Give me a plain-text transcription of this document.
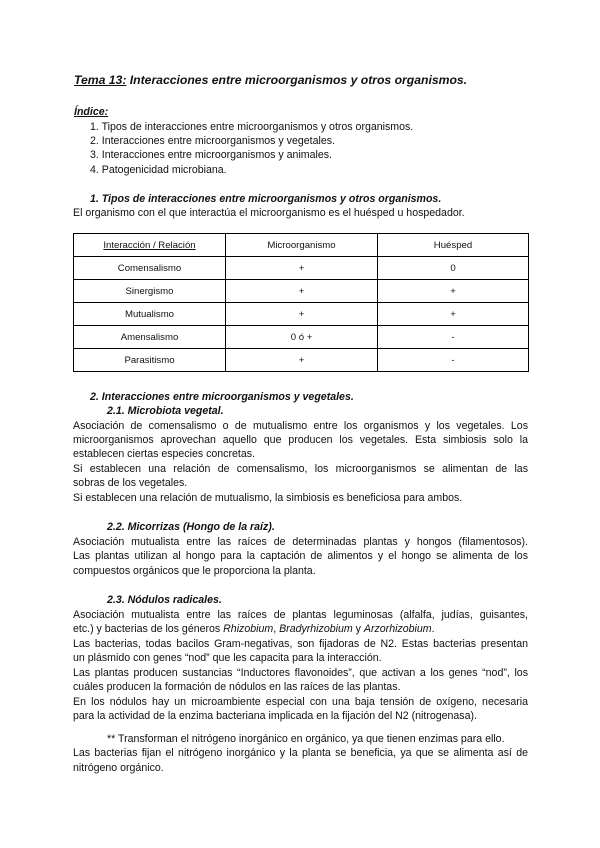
Tema 13: Interacciones entre microorganismos y otros organismos.
Índice:
1. Tipos de interacciones entre microorganismos y otros organismos.
2. Interacciones entre microorganismos y vegetales.
3. Interacciones entre microorganismos y animales.
4. Patogenicidad microbiana.
1. Tipos de interacciones entre microorganismos y otros organismos.
El organismo con el que interactúa el microorganismo es el huésped u hospedador.
Interacción / Relación	Microorganismo	Huésped
Comensalismo	+	0
Sinergismo	+	+
Mutualismo	+	+
Amensalismo	0 ó +	-
Parasitismo	+	-
2. Interacciones entre microorganismos y vegetales.
2.1. Microbiota vegetal.
Asociación de comensalismo o de mutualismo entre los organismos y los vegetales. Los
microorganismos aprovechan aquello que producen los vegetales. Esta simbiosis solo la
establecen ciertas especies concretas.
Si establecen una relación de comensalismo, los microorganismos se alimentan de las
sobras de los vegetales.
Si establecen una relación de mutualismo, la simbiosis es beneficiosa para ambos.
2.2. Micorrizas (Hongo de la raíz).
Asociación mutualista entre las raíces de determinadas plantas y hongos (filamentosos).
Las plantas utilizan al hongo para la captación de alimentos y el hongo se alimenta de los
compuestos orgánicos que le proporciona la planta.
2.3. Nódulos radicales.
Asociación mutualista entre las raíces de plantas leguminosas (alfalfa, judías, guisantes,
etc.) y bacterias de los géneros Rhizobium, Bradyrhizobium y Arzorhizobium.
Las bacterias, todas bacilos Gram-negativas, son fijadoras de N2. Estas bacterias presentan
un plásmido con genes “nod” que les capacita para la interacción.
Las plantas producen sustancias “Inductores flavonoides”, que activan a los genes “nod”, los
cuáles producen la formación de nódulos en las raíces de las plantas.
En los nódulos hay un microambiente especial con una baja tensión de oxígeno, necesaria
para la actividad de la enzima bacteriana implicada en la fijación del N2 (nitrogenasa).
** Transforman el nitrógeno inorgánico en orgánico, ya que tienen enzimas para ello.
Las bacterias fijan el nitrógeno inorgánico y la planta se beneficia, ya que se alimenta así de
nitrógeno orgánico.
